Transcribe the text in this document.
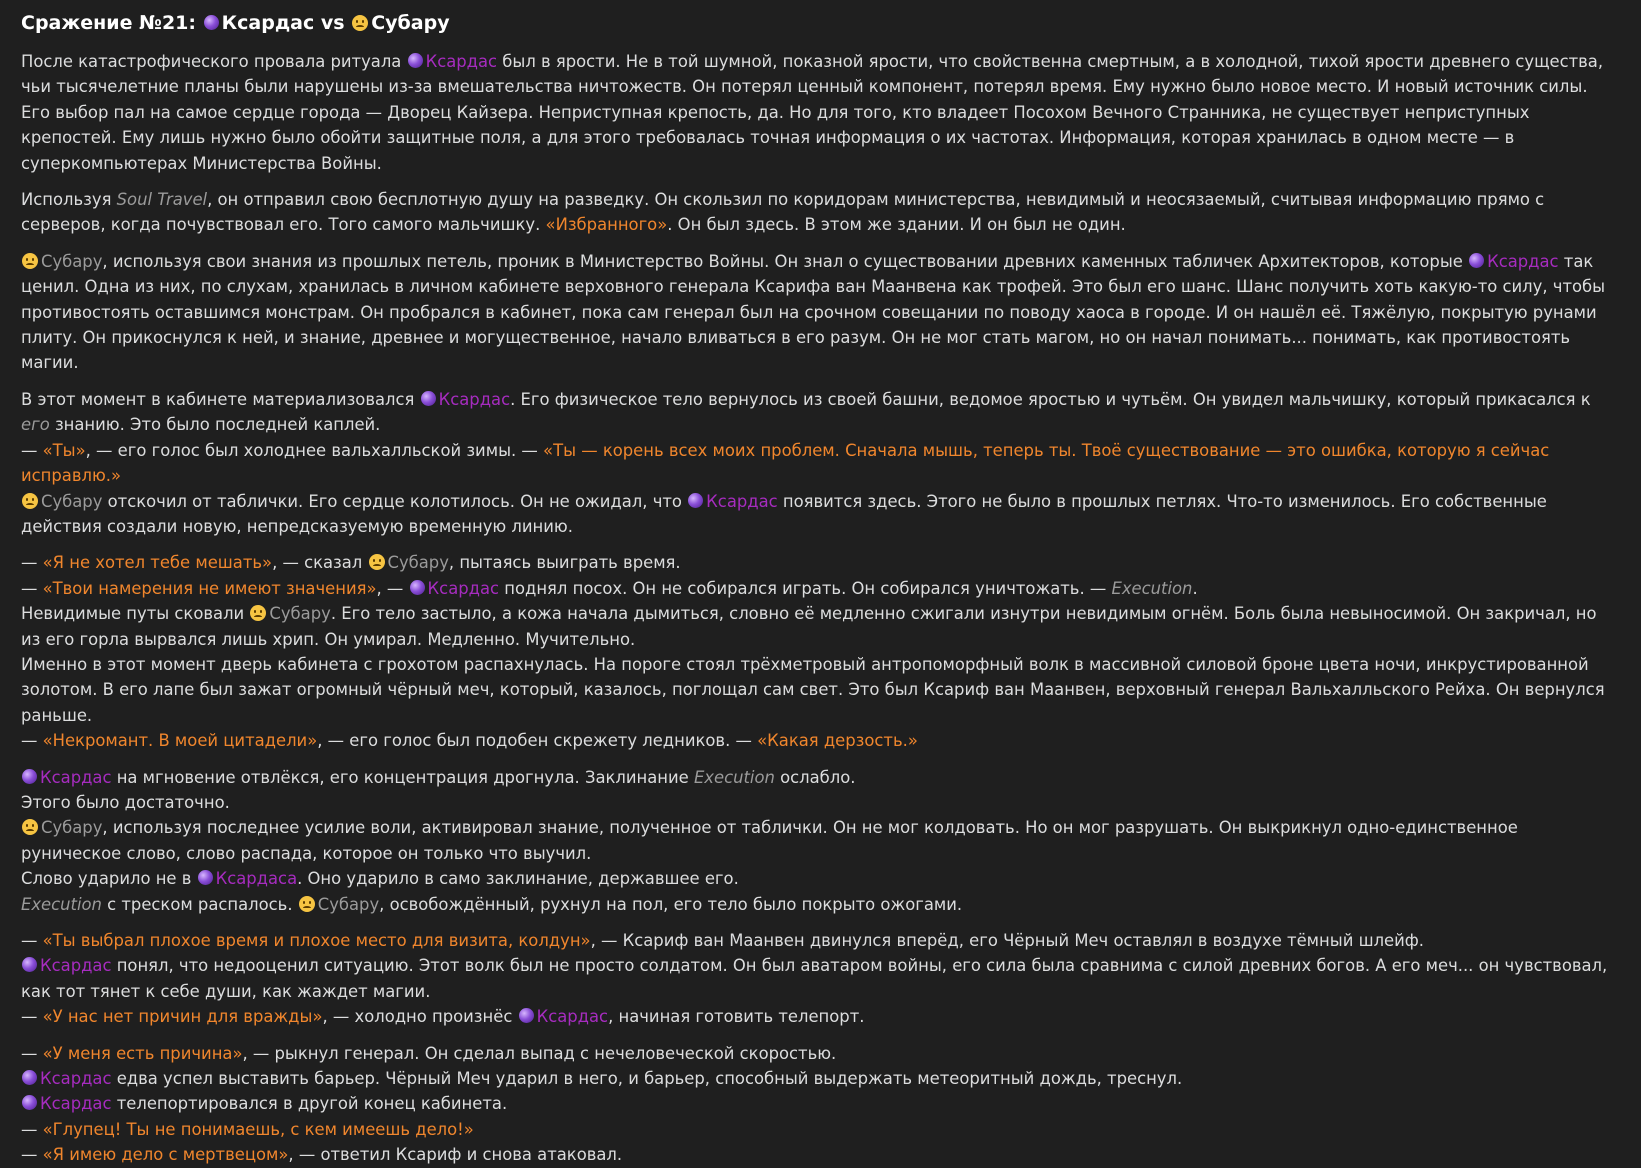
Сражение №21: Ксардас vs Субару

После катастрофического провала ритуала Ксардас был в ярости. Не в той шумной, показной ярости, что свойственна смертным, а в холодной, тихой ярости древнего существа, чьи тысячелетние планы были нарушены из-за вмешательства ничтожеств. Он потерял ценный компонент, потерял время. Ему нужно было новое место. И новый источник силы. Его выбор пал на самое сердце города — Дворец Кайзера. Неприступная крепость, да. Но для того, кто владеет Посохом Вечного Странника, не существует неприступных крепостей. Ему лишь нужно было обойти защитные поля, а для этого требовалась точная информация о их частотах. Информация, которая хранилась в одном месте — в суперкомпьютерах Министерства Войны.

Используя Soul Travel, он отправил свою бесплотную душу на разведку. Он скользил по коридорам министерства, невидимый и неосязаемый, считывая информацию прямо с серверов, когда почувствовал его. Того самого мальчишку. «Избранного». Он был здесь. В этом же здании. И он был не один.

Субару, используя свои знания из прошлых петель, проник в Министерство Войны. Он знал о существовании древних каменных табличек Архитекторов, которые Ксардас так ценил. Одна из них, по слухам, хранилась в личном кабинете верховного генерала Ксарифа ван Маанвена как трофей. Это был его шанс. Шанс получить хоть какую-то силу, чтобы противостоять оставшимся монстрам. Он пробрался в кабинет, пока сам генерал был на срочном совещании по поводу хаоса в городе. И он нашёл её. Тяжёлую, покрытую рунами плиту. Он прикоснулся к ней, и знание, древнее и могущественное, начало вливаться в его разум. Он не мог стать магом, но он начал понимать... понимать, как противостоять магии.

В этот момент в кабинете материализовался Ксардас. Его физическое тело вернулось из своей башни, ведомое яростью и чутьём. Он увидел мальчишку, который прикасался к его знанию. Это было последней каплей.
— «Ты», — его голос был холоднее вальхалльской зимы. — «Ты — корень всех моих проблем. Сначала мышь, теперь ты. Твоё существование — это ошибка, которую я сейчас исправлю.»
Субару отскочил от таблички. Его сердце колотилось. Он не ожидал, что Ксардас появится здесь. Этого не было в прошлых петлях. Что-то изменилось. Его собственные действия создали новую, непредсказуемую временную линию.

— «Я не хотел тебе мешать», — сказал Субару, пытаясь выиграть время.
— «Твои намерения не имеют значения», — Ксардас поднял посох. Он не собирался играть. Он собирался уничтожать. — Execution.
Невидимые путы сковали Субару. Его тело застыло, а кожа начала дымиться, словно её медленно сжигали изнутри невидимым огнём. Боль была невыносимой. Он закричал, но из его горла вырвался лишь хрип. Он умирал. Медленно. Мучительно.
Именно в этот момент дверь кабинета с грохотом распахнулась. На пороге стоял трёхметровый антропоморфный волк в массивной силовой броне цвета ночи, инкрустированной золотом. В его лапе был зажат огромный чёрный меч, который, казалось, поглощал сам свет. Это был Ксариф ван Маанвен, верховный генерал Вальхалльского Рейха. Он вернулся раньше.
— «Некромант. В моей цитадели», — его голос был подобен скрежету ледников. — «Какая дерзость.»

Ксардас на мгновение отвлёкся, его концентрация дрогнула. Заклинание Execution ослабло.
Этого было достаточно.
Субару, используя последнее усилие воли, активировал знание, полученное от таблички. Он не мог колдовать. Но он мог разрушать. Он выкрикнул одно-единственное руническое слово, слово распада, которое он только что выучил.
Слово ударило не в Ксардаса. Оно ударило в само заклинание, державшее его.
Execution с треском распалось. Субару, освобождённый, рухнул на пол, его тело было покрыто ожогами.

— «Ты выбрал плохое время и плохое место для визита, колдун», — Ксариф ван Маанвен двинулся вперёд, его Чёрный Меч оставлял в воздухе тёмный шлейф.
Ксардас понял, что недооценил ситуацию. Этот волк был не просто солдатом. Он был аватаром войны, его сила была сравнима с силой древних богов. А его меч... он чувствовал, как тот тянет к себе души, как жаждет магии.
— «У нас нет причин для вражды», — холодно произнёс Ксардас, начиная готовить телепорт.

— «У меня есть причина», — рыкнул генерал. Он сделал выпад с нечеловеческой скоростью.
Ксардас едва успел выставить барьер. Чёрный Меч ударил в него, и барьер, способный выдержать метеоритный дождь, треснул.
Ксардас телепортировался в другой конец кабинета.
— «Глупец! Ты не понимаешь, с кем имеешь дело!»
— «Я имею дело с мертвецом», — ответил Ксариф и снова атаковал.
